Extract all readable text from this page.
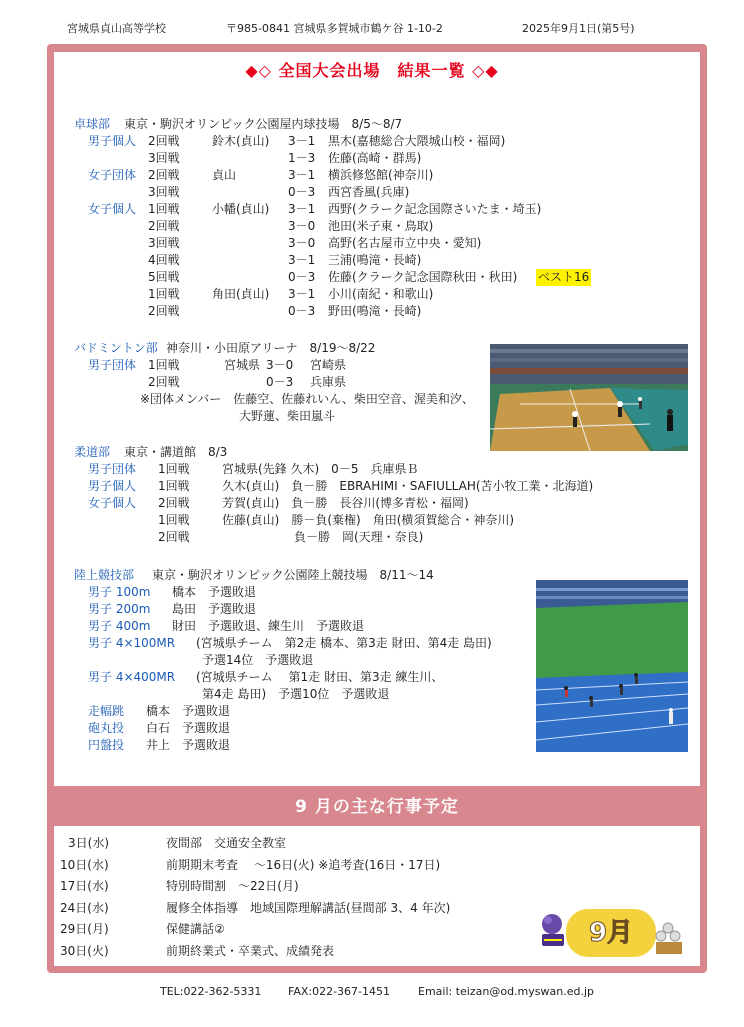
宮城県貞山高等学校	〒985-0841 宮城県多賀城市鶴ケ谷 1-10-2	2025年9月1日(第5号)
◆◇ 全国大会出場　結果一覧 ◇◆
卓球部 東京・駒沢オリンピック公園屋内球技場　8/5～8/7
男子個人 2回戦	鈴木(貞山) 3－1 黒木(嘉穂総合大隈城山校・福岡)
3回戦	1－3 佐藤(高崎・群馬)
女子団体 2回戦	貞山	3－1 横浜修悠館(神奈川)
3回戦	0－3 西宮香風(兵庫)
女子個人 1回戦	小幡(貞山) 3－1 西野(クラーク記念国際さいたま・埼玉)
2回戦	3－0 池田(米子東・鳥取)
3回戦	3－0 高野(名古屋市立中央・愛知)
4回戦	3－1 三浦(鳴滝・長崎)
5回戦	0－3 佐藤(クラーク記念国際秋田・秋田) ベスト16
1回戦	角田(貞山) 3－1 小川(南紀・和歌山)
2回戦	0－3 野田(鳴滝・長崎)
バドミントン部 神奈川・小田原アリーナ　8/19～8/22
男子団体 1回戦	宮城県 3－0 宮崎県
2回戦	0－3 兵庫県
※団体メンバー　佐藤空、佐藤れいん、柴田空音、渥美和汐、
大野蓮、柴田嵐斗
柔道部 東京・講道館　8/3
男子団体 1回戦	宮城県(先鋒 久木)　0－5　兵庫県Ｂ
男子個人 1回戦	久木(貞山)　負－勝　EBRAHIMI・SAFIULLAH(苫小牧工業・北海道)
女子個人 2回戦	芳賀(貞山)　負－勝　長谷川(博多青松・福岡)
1回戦	佐藤(貞山)　勝－負(棄権)　角田(横須賀総合・神奈川)
2回戦	　　　　　　負－勝　岡(天理・奈良)
陸上競技部 東京・駒沢オリンピック公園陸上競技場　8/11～14
男子 100m 橋本　予選敗退
男子 200m 島田　予選敗退
男子 400m 財田　予選敗退、練生川　予選敗退
男子 4×100MR (宮城県チーム　第2走 橋本、第3走 財田、第4走 島田)
予選14位　予選敗退
男子 4×400MR (宮城県チーム　 第1走 財田、第3走 練生川、
第4走 島田)　予選10位　予選敗退
走幅跳 橋本　予選敗退
砲丸投 白石　予選敗退
円盤投 井上　予選敗退
9 月の主な行事予定
3日(水)	夜間部　交通安全教室
10日(水)	前期期末考査　 ～16日(火) ※追考査(16日・17日)
17日(水)	特別時間割　～22日(月)
24日(水)	履修全体指導　地域国際理解講話(昼間部 3、4 年次)
29日(月)	保健講話②
30日(火)	前期終業式・卒業式、成績発表
9月
TEL:022-362-5331 FAX:022-367-1451	Email: teizan@od.myswan.ed.jp
